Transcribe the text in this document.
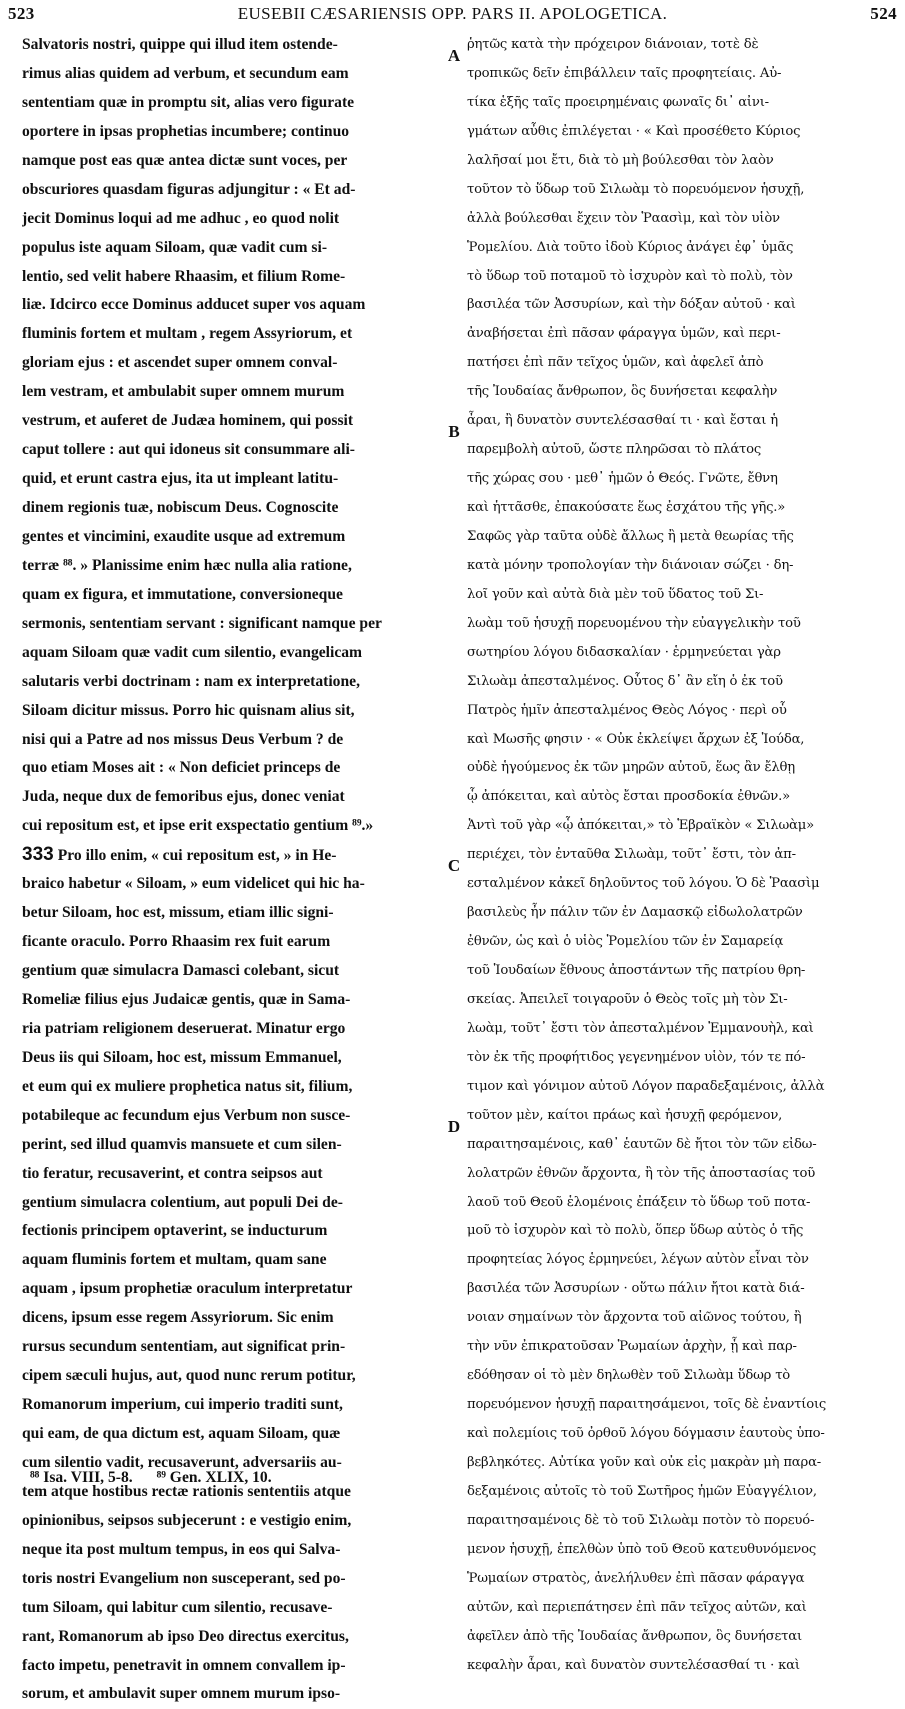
523	EUSEBII CÆSARIENSIS OPP. PARS II. APOLOGETICA.	524
Salvatoris nostri, quippe qui illud item ostende-
rimus alias quidem ad verbum, et secundum eam
sententiam quæ in promptu sit, alias vero figurate
oportere in ipsas prophetias incumbere; continuo
namque post eas quæ antea dictæ sunt voces, per
obscuriores quasdam figuras adjungitur : « Et ad-
jecit Dominus loqui ad me adhuc , eo quod nolit
populus iste aquam Siloam, quæ vadit cum si-
lentio, sed velit habere Rhaasim, et filium Rome-
liæ. Idcirco ecce Dominus adducet super vos aquam
fluminis fortem et multam , regem Assyriorum, et
gloriam ejus : et ascendet super omnem conval-
lem vestram, et ambulabit super omnem murum
vestrum, et auferet de Judæa hominem, qui possit
caput tollere : aut qui idoneus sit consummare ali-
quid, et erunt castra ejus, ita ut impleant latitu-
dinem regionis tuæ, nobiscum Deus. Cognoscite
gentes et vincimini, exaudite usque ad extremum
terræ ⁸⁸. » Planissime enim hæc nulla alia ratione,
quam ex figura, et immutatione, conversioneque
sermonis, sententiam servant : significant namque per
aquam Siloam quæ vadit cum silentio, evangelicam
salutaris verbi doctrinam : nam ex interpretatione,
Siloam dicitur missus. Porro hic quisnam alius sit,
nisi qui a Patre ad nos missus Deus Verbum ? de
quo etiam Moses ait : « Non deficiet princeps de
Juda, neque dux de femoribus ejus, donec veniat
cui repositum est, et ipse erit exspectatio gentium ⁸⁹.»
333 Pro illo enim, « cui repositum est, » in He-
braico habetur « Siloam, » eum videlicet qui hic ha-
betur Siloam, hoc est, missum, etiam illic signi-
ficante oraculo. Porro Rhaasim rex fuit earum
gentium quæ simulacra Damasci colebant, sicut
Romeliæ filius ejus Judaicæ gentis, quæ in Sama-
ria patriam religionem deseruerat. Minatur ergo
Deus iis qui Siloam, hoc est, missum Emmanuel,
et eum qui ex muliere prophetica natus sit, filium,
potabileque ac fecundum ejus Verbum non susce-
perint, sed illud quamvis mansuete et cum silen-
tio feratur, recusaverint, et contra seipsos aut
gentium simulacra colentium, aut populi Dei de-
fectionis principem optaverint, se inducturum
aquam fluminis fortem et multam, quam sane
aquam , ipsum prophetiæ oraculum interpretatur
dicens, ipsum esse regem Assyriorum. Sic enim
rursus secundum sententiam, aut significat prin-
cipem sæculi hujus, aut, quod nunc rerum potitur,
Romanorum imperium, cui imperio traditi sunt,
qui eam, de qua dictum est, aquam Siloam, quæ
cum silentio vadit, recusaverunt, adversariis au-
tem atque hostibus rectæ rationis sententiis atque
opinionibus, seipsos subjecerunt : e vestigio enim,
neque ita post multum tempus, in eos qui Salva-
toris nostri Evangelium non susceperant, sed po-
tum Siloam, qui labitur cum silentio, recusave-
rant, Romanorum ab ipso Deo directus exercitus,
facto impetu, penetravit in omnem convallem ip-
sorum, et ambulavit super omnem murum ipso-
ῥητῶς κατὰ τὴν πρόχειρον διάνοιαν, τοτὲ δὲ
τροπικῶς δεῖν ἐπιβάλλειν ταῖς προφητείαις. Αὐ-
τίκα ἑξῆς ταῖς προειρημέναις φωναῖς δι᾽ αἰνι-
γμάτων αὖθις ἐπιλέγεται · « Καὶ προσέθετο Κύριος
λαλῆσαί μοι ἔτι, διὰ τὸ μὴ βούλεσθαι τὸν λαὸν
τοῦτον τὸ ὕδωρ τοῦ Σιλωὰμ τὸ πορευόμενον ἡσυχῇ,
ἀλλὰ βούλεσθαι ἔχειν τὸν Ῥαασὶμ, καὶ τὸν υἱὸν
Ῥομελίου. Διὰ τοῦτο ἰδοὺ Κύριος ἀνάγει ἐφ᾽ ὑμᾶς
τὸ ὕδωρ τοῦ ποταμοῦ τὸ ἰσχυρὸν καὶ τὸ πολὺ, τὸν
βασιλέα τῶν Ἀσσυρίων, καὶ τὴν δόξαν αὐτοῦ · καὶ
ἀναβήσεται ἐπὶ πᾶσαν φάραγγα ὑμῶν, καὶ περι-
πατήσει ἐπὶ πᾶν τεῖχος ὑμῶν, καὶ ἀφελεῖ ἀπὸ
τῆς Ἰουδαίας ἄνθρωπον, ὃς δυνήσεται κεφαλὴν
ἆραι, ἢ δυνατὸν συντελέσασθαί τι · καὶ ἔσται ἡ
παρεμβολὴ αὐτοῦ, ὥστε πληρῶσαι τὸ πλάτος
τῆς χώρας σου · μεθ᾽ ἡμῶν ὁ Θεός. Γνῶτε, ἔθνη
καὶ ἡττᾶσθε, ἐπακούσατε ἕως ἐσχάτου τῆς γῆς.»
Σαφῶς γὰρ ταῦτα οὐδὲ ἄλλως ἢ μετὰ θεωρίας τῆς
κατὰ μόνην τροπολογίαν τὴν διάνοιαν σώζει · δη-
λοῖ γοῦν καὶ αὐτὰ διὰ μὲν τοῦ ὕδατος τοῦ Σι-
λωὰμ τοῦ ἡσυχῇ πορευομένου τὴν εὐαγγελικὴν τοῦ
σωτηρίου λόγου διδασκαλίαν · ἑρμηνεύεται γὰρ
Σιλωὰμ ἀπεσταλμένος. Οὗτος δ᾽ ἂν εἴη ὁ ἐκ τοῦ
Πατρὸς ἡμῖν ἀπεσταλμένος Θεὸς Λόγος · περὶ οὗ
καὶ Μωσῆς φησιν · « Οὐκ ἐκλείψει ἄρχων ἐξ Ἰούδα,
οὐδὲ ἡγούμενος ἐκ τῶν μηρῶν αὐτοῦ, ἕως ἂν ἔλθῃ
ᾧ ἀπόκειται, καὶ αὐτὸς ἔσται προσδοκία ἐθνῶν.»
Ἀντὶ τοῦ γὰρ «ᾧ ἀπόκειται,» τὸ Ἑβραϊκὸν « Σιλωὰμ»
περιέχει, τὸν ἐνταῦθα Σιλωὰμ, τοῦτ᾽ ἔστι, τὸν ἀπ-
εσταλμένον κἀκεῖ δηλοῦντος τοῦ λόγου. Ὁ δὲ Ῥαασὶμ
βασιλεὺς ἦν πάλιν τῶν ἐν Δαμασκῷ εἰδωλολατρῶν
ἐθνῶν, ὡς καὶ ὁ υἱὸς Ῥομελίου τῶν ἐν Σαμαρείᾳ
τοῦ Ἰουδαίων ἔθνους ἀποστάντων τῆς πατρίου θρη-
σκείας. Ἀπειλεῖ τοιγαροῦν ὁ Θεὸς τοῖς μὴ τὸν Σι-
λωὰμ, τοῦτ᾽ ἔστι τὸν ἀπεσταλμένον Ἐμμανουὴλ, καὶ
τὸν ἐκ τῆς προφήτιδος γεγενημένον υἱὸν, τόν τε πό-
τιμον καὶ γόνιμον αὐτοῦ Λόγον παραδεξαμένοις, ἀλλὰ
τοῦτον μὲν, καίτοι πράως καὶ ἡσυχῇ φερόμενον,
παραιτησαμένοις, καθ᾽ ἑαυτῶν δὲ ἤτοι τὸν τῶν εἰδω-
λολατρῶν ἐθνῶν ἄρχοντα, ἢ τὸν τῆς ἀποστασίας τοῦ
λαοῦ τοῦ Θεοῦ ἑλομένοις ἐπάξειν τὸ ὕδωρ τοῦ ποτα-
μοῦ τὸ ἰσχυρὸν καὶ τὸ πολὺ, ὅπερ ὕδωρ αὐτὸς ὁ τῆς
προφητείας λόγος ἑρμηνεύει, λέγων αὐτὸν εἶναι τὸν
βασιλέα τῶν Ἀσσυρίων · οὕτω πάλιν ἤτοι κατὰ διά-
νοιαν σημαίνων τὸν ἄρχοντα τοῦ αἰῶνος τούτου, ἢ
τὴν νῦν ἐπικρατοῦσαν Ῥωμαίων ἀρχὴν, ᾗ καὶ παρ-
εδόθησαν οἱ τὸ μὲν δηλωθὲν τοῦ Σιλωὰμ ὕδωρ τὸ
πορευόμενον ἡσυχῇ παραιτησάμενοι, τοῖς δὲ ἐναντίοις
καὶ πολεμίοις τοῦ ὀρθοῦ λόγου δόγμασιν ἑαυτοὺς ὑπο-
βεβληκότες. Αὐτίκα γοῦν καὶ οὐκ εἰς μακρὰν μὴ παρα-
δεξαμένοις αὐτοῖς τὸ τοῦ Σωτῆρος ἡμῶν Εὐαγγέλιον,
παραιτησαμένοις δὲ τὸ τοῦ Σιλωὰμ ποτὸν τὸ πορευό-
μενον ἡσυχῇ, ἐπελθὼν ὑπὸ τοῦ Θεοῦ κατευθυνόμενος
Ῥωμαίων στρατὸς, ἀνελήλυθεν ἐπὶ πᾶσαν φάραγγα
αὐτῶν, καὶ περιεπάτησεν ἐπὶ πᾶν τεῖχος αὐτῶν, καὶ
ἀφεῖλεν ἀπὸ τῆς Ἰουδαίας ἄνθρωπον, ὃς δυνήσεται
κεφαλὴν ἆραι, καὶ δυνατὸν συντελέσασθαί τι · καὶ
A
B
C
D
⁸⁸ Isa. VIII, 5-8. ⁸⁹ Gen. XLIX, 10.
